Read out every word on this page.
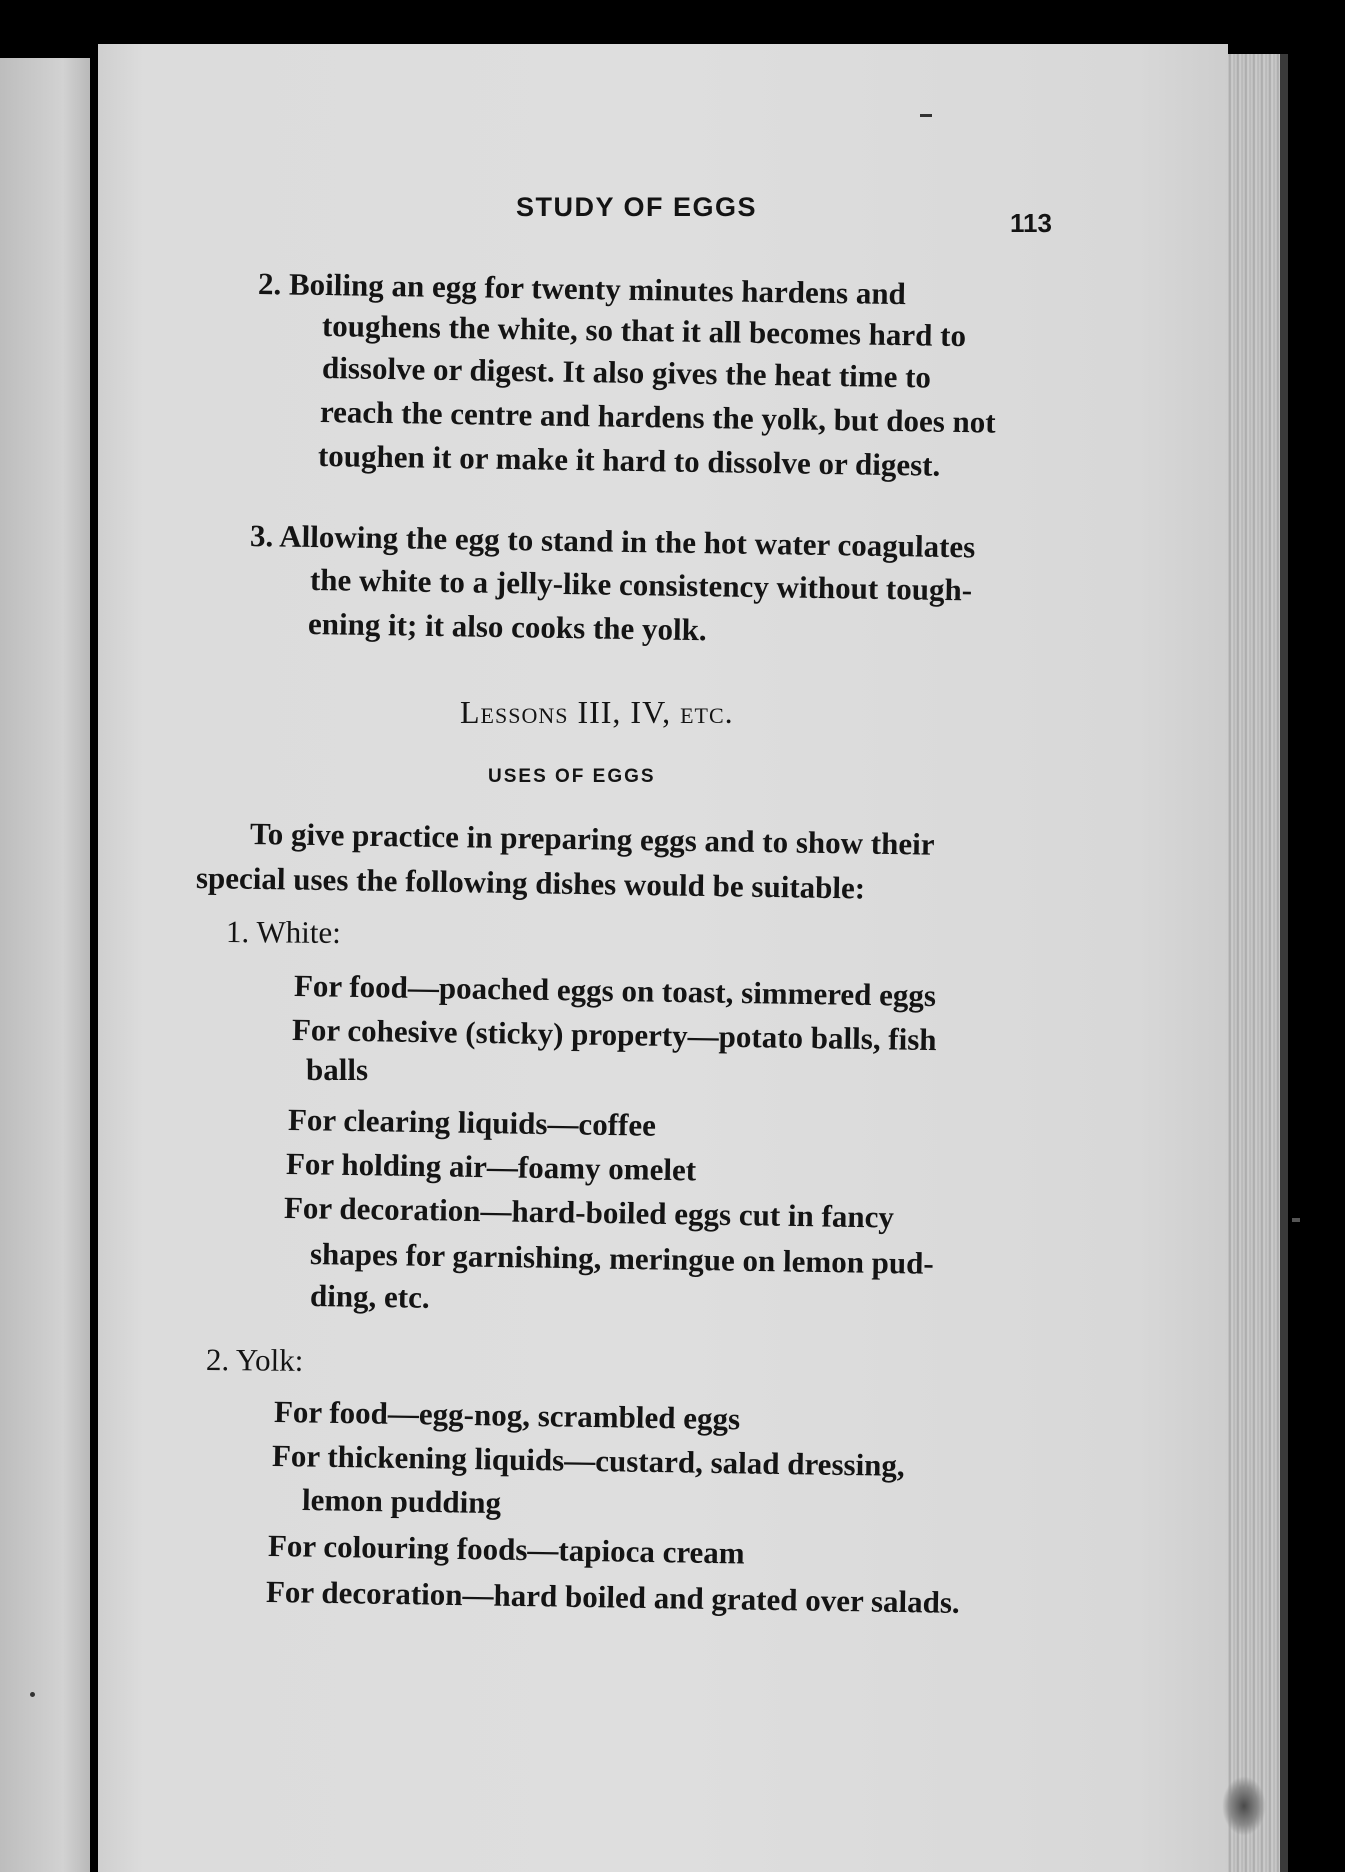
STUDY OF EGGS
113
2. Boiling an egg for twenty minutes hardens and
toughens the white, so that it all becomes hard to
dissolve or digest. It also gives the heat time to
reach the centre and hardens the yolk, but does not
toughen it or make it hard to dissolve or digest.
3. Allowing the egg to stand in the hot water coagulates
the white to a jelly-like consistency without tough-
ening it; it also cooks the yolk.
Lessons III, IV, etc.
USES OF EGGS
To give practice in preparing eggs and to show their
special uses the following dishes would be suitable:
1. White:
For food—poached eggs on toast, simmered eggs
For cohesive (sticky) property—potato balls, fish
balls
For clearing liquids—coffee
For holding air—foamy omelet
For decoration—hard-boiled eggs cut in fancy
shapes for garnishing, meringue on lemon pud-
ding, etc.
2. Yolk:
For food—egg-nog, scrambled eggs
For thickening liquids—custard, salad dressing,
lemon pudding
For colouring foods—tapioca cream
For decoration—hard boiled and grated over salads.
